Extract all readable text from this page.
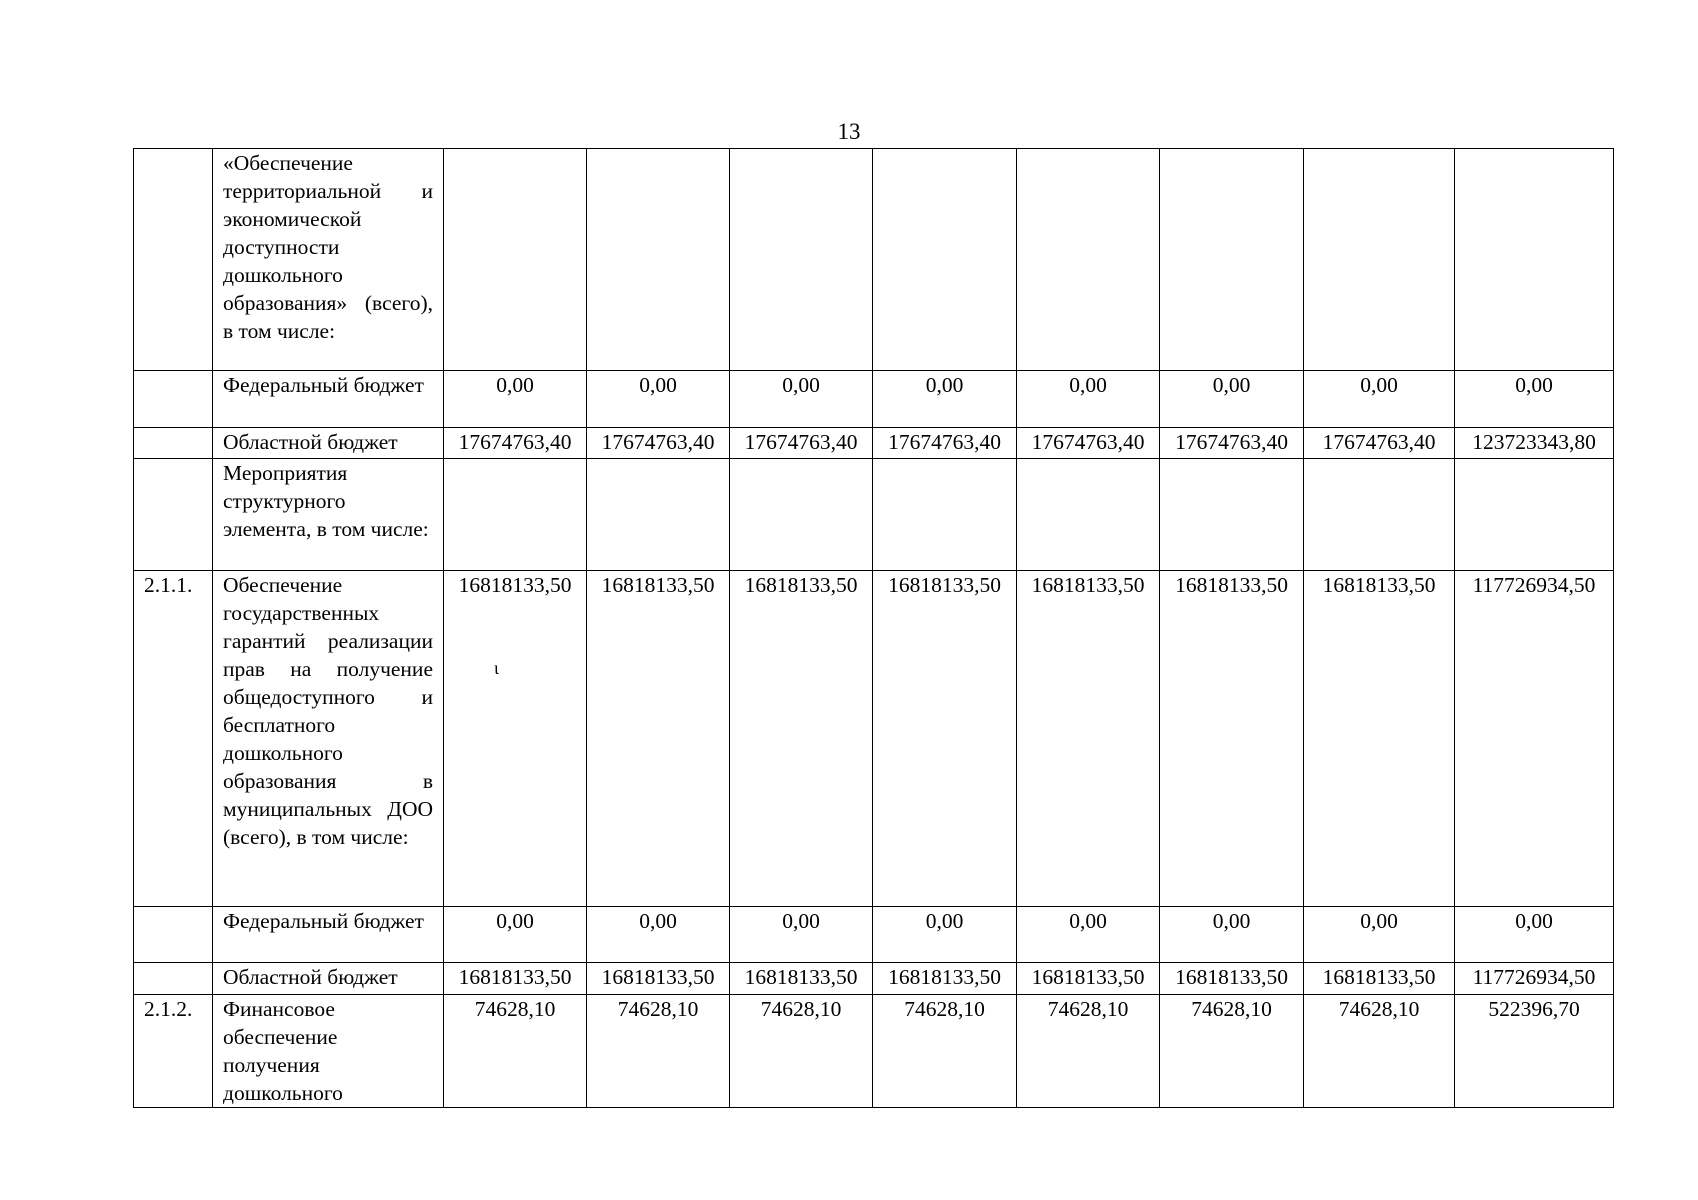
13
	«Обеспечение территориальной и экономической доступности дошкольного образования» (всего), в том числе:								
	Федеральный бюджет	0,00	0,00	0,00	0,00	0,00	0,00	0,00	0,00
	Областной бюджет	17674763,40	17674763,40	17674763,40	17674763,40	17674763,40	17674763,40	17674763,40	123723343,80
	Мероприятия структурного элемента, в том числе:								
2.1.1.	Обеспечение государственных гарантий реализации прав на получение общедоступного и бесплатного дошкольного образования в муниципальных ДОО (всего), в том числе:	16818133,50	16818133,50	16818133,50	16818133,50	16818133,50	16818133,50	16818133,50	117726934,50
	Федеральный бюджет	0,00	0,00	0,00	0,00	0,00	0,00	0,00	0,00
	Областной бюджет	16818133,50	16818133,50	16818133,50	16818133,50	16818133,50	16818133,50	16818133,50	117726934,50
2.1.2.	Финансовое обеспечение получения дошкольного	74628,10	74628,10	74628,10	74628,10	74628,10	74628,10	74628,10	522396,70
ɩ
